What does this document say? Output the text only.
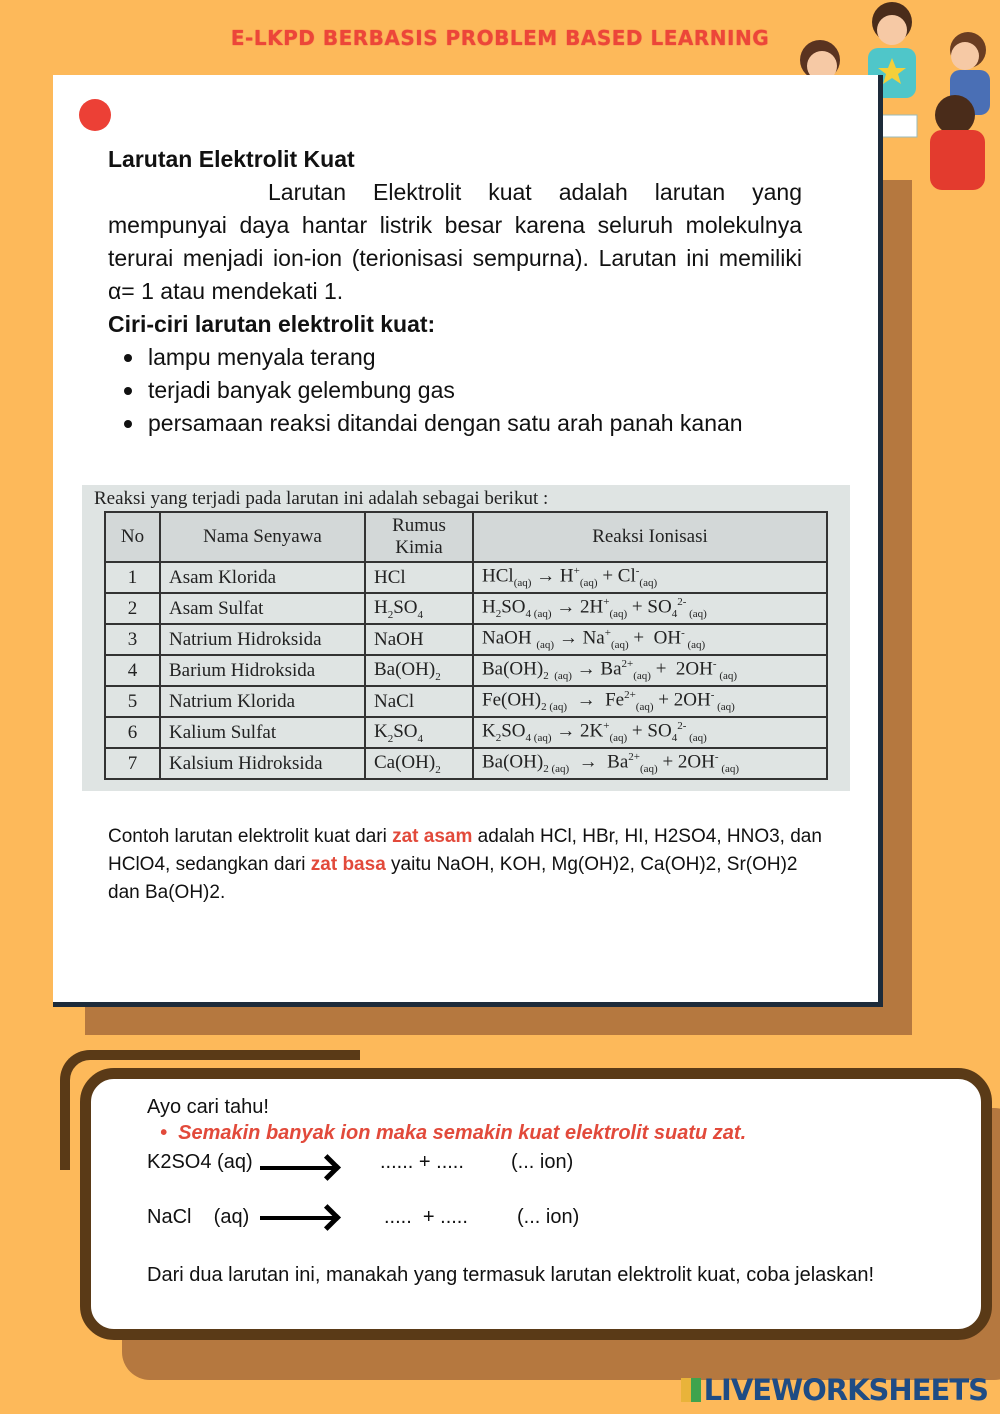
E-LKPD BERBASIS PROBLEM BASED LEARNING
Larutan Elektrolit Kuat
Larutan Elektrolit kuat adalah larutan yang mempunyai daya hantar listrik besar karena seluruh molekulnya terurai menjadi ion-ion (terionisasi sempurna). Larutan ini memiliki α= 1 atau mendekati 1.
Ciri-ciri larutan elektrolit kuat:
lampu menyala terang
terjadi banyak gelembung gas
persamaan reaksi ditandai dengan satu arah panah kanan
Reaksi yang terjadi pada larutan ini adalah sebagai berikut :
No	Nama Senyawa	Rumus Kimia	Reaksi Ionisasi
1	Asam Klorida	HCl	$HCl_{(aq)} \to H^+_{(aq)} + Cl^-_{(aq)}$
2	Asam Sulfat	$H_2SO_4$	$H_2SO_{4 (aq)} \to 2H^+_{(aq)} + SO_4^{2-}$ $_{(aq)}$
3	Natrium Hidroksida	NaOH	NaOH $_{(aq)} \to Na^+_{(aq)} + OH^-$ $_{(aq)}$
4	Barium Hidroksida	$Ba(OH)_2$	$Ba(OH)_{2 (aq)} \to Ba^{2+}_{(aq)} + 2OH^-$ $_{(aq)}$
5	Natrium Klorida	NaCl	$Fe(OH)_{2 (aq)} \to Fe^{2+}_{(aq)} + 2OH^-$ $_{(aq)}$
6	Kalium Sulfat	$K_2SO_4$	$K_2SO_{4 (aq)} \to 2K^+_{(aq)} + SO_4^{2-}$ $_{(aq)}$
7	Kalsium Hidroksida	$Ca(OH)_2$	$Ba(OH)_{2 (aq)} \to Ba^{2+}_{(aq)} + 2OH^-$ $_{(aq)}$
Contoh larutan elektrolit kuat dari zat asam adalah HCl, HBr, HI, H2SO4, HNO3, dan HClO4, sedangkan dari zat basa yaitu NaOH, KOH, Mg(OH)2, Ca(OH)2, Sr(OH)2 dan Ba(OH)2.
Ayo cari tahu!
•  Semakin banyak ion maka semakin kuat elektrolit suatu zat.
K2SO4 (aq)	...... + ..... (... ion)
NaCl    (aq)	.....  + ..... (... ion)
Dari dua larutan ini, manakah yang termasuk larutan elektrolit kuat, coba jelaskan!
LIVEWORKSHEETS
